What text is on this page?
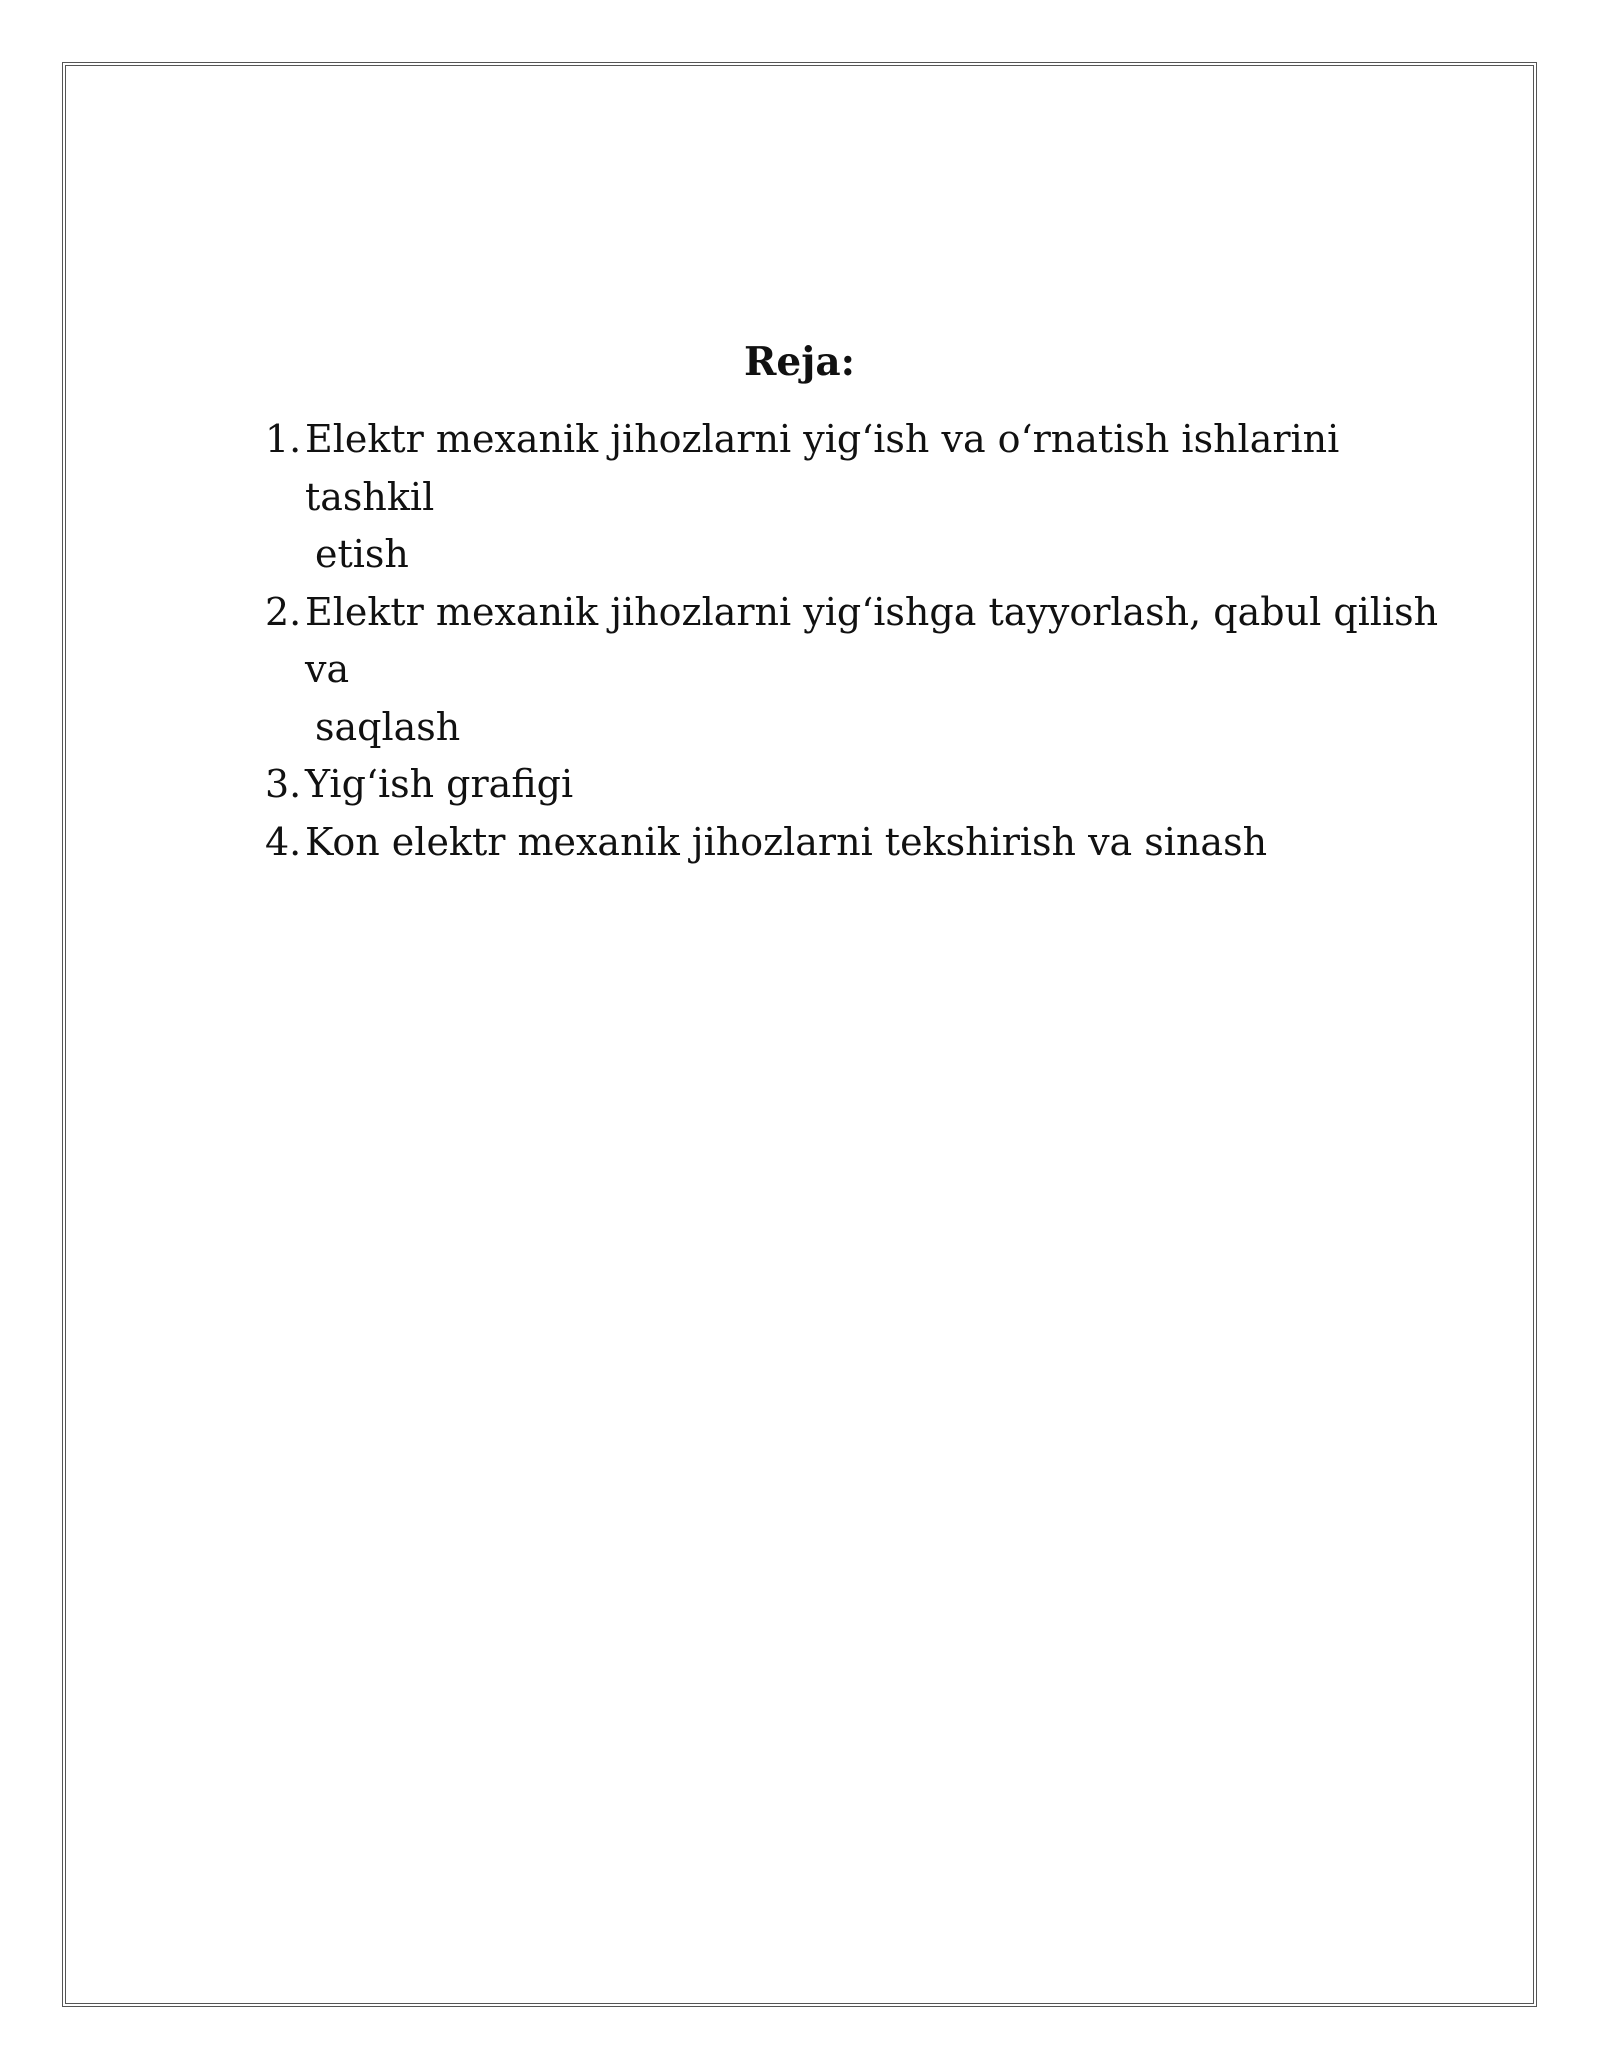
Reja:
1. Elektr mexanik jihozlarni yig‘ish va o‘rnatish ishlarini tashkil
etish
2. Elektr mexanik jihozlarni yig‘ishga tayyorlash, qabul qilish va
saqlash
3. Yig‘ish grafigi
4. Kon elektr mexanik jihozlarni tekshirish va sinash
